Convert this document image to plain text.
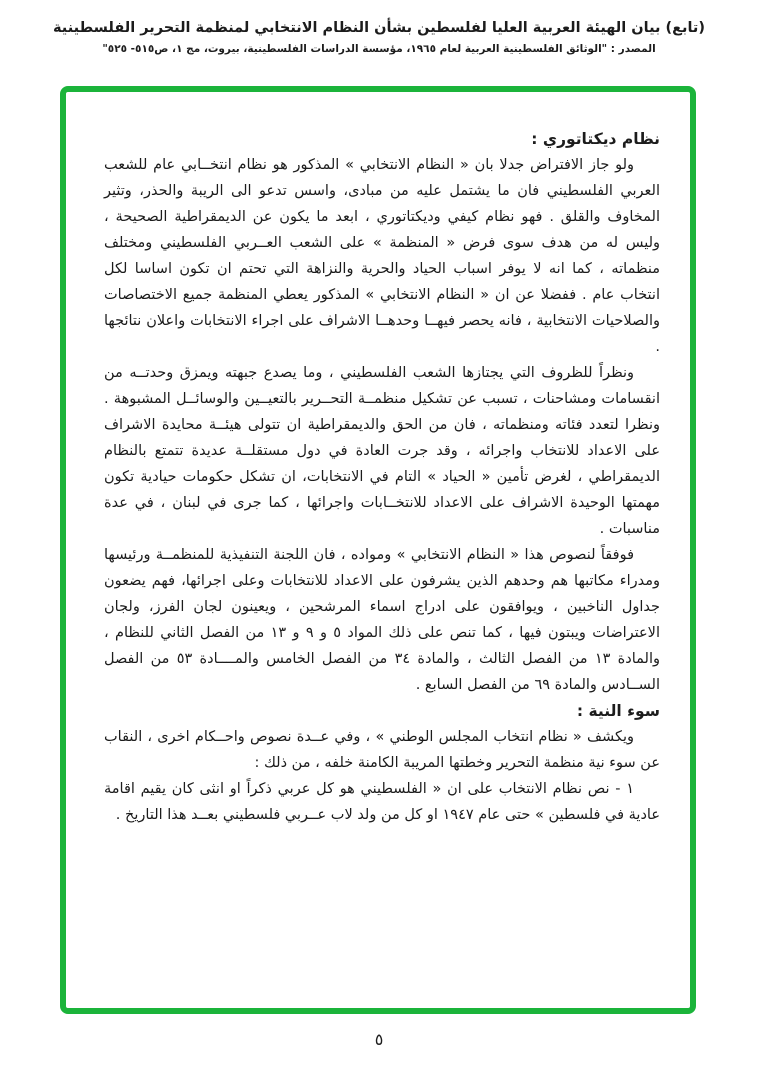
(تابع) بيان الهيئة العربية العليا لفلسطين بشأن النظام الانتخابي لمنظمة التحرير الفلسطينية
المصدر : "الوثائق الفلسطينية العربية لعام ١٩٦٥، مؤسسة الدراسات الفلسطينية، بيروت، مج ١، ص٥١٥- ٥٢٥"
نظام ديكتاتوري :

ولو جاز الافتراض جدلا بان « النظام الانتخابي » المذكور هو نظام انتخــابي عام للشعب العربي الفلسطيني فان ما يشتمل عليه من مبادى، واسس تدعو الى الريبة والحذر، وتثير المخاوف والقلق . فهو نظام كيفي وديكتاتوري ، ابعد ما يكون عن الديمقراطية الصحيحة ، وليس له من هدف سوى فرض « المنظمة » على الشعب العــربي الفلسطيني ومختلف منظماته ، كما انه لا يوفر اسباب الحياد والحرية والنزاهة التي تحتم ان تكون اساسا لكل انتخاب عام . ففضلا عن ان « النظام الانتخابي » المذكور يعطي المنظمة جميع الاختصاصات والصلاحيات الانتخابية ، فانه يحصر فيهــا وحدهــا الاشراف على اجراء الانتخابات واعلان نتائجها .

ونظراً للظروف التي يجتازها الشعب الفلسطيني ، وما يصدع جبهته ويمزق وحدتــه من انقسامات ومشاحنات ، تسبب عن تشكيل منظمــة التحــرير بالتعيــين والوسائــل المشبوهة . ونظرا لتعدد فئاته ومنظماته ، فان من الحق والديمقراطية ان تتولى هيئــة محايدة الاشراف على الاعداد للانتخاب واجرائه ، وقد جرت العادة في دول مستقلــة عديدة تتمتع بالنظام الديمقراطي ، لغرض تأمين « الحياد » التام في الانتخابات، ان تشكل حكومات حيادية تكون مهمتها الوحيدة الاشراف على الاعداد للانتخــابات واجرائها ، كما جرى في لبنان ، في عدة مناسبات .

فوفقاً لنصوص هذا « النظام الانتخابي » ومواده ، فان اللجنة التنفيذية للمنظمــة ورئيسها ومدراء مكاتبها هم وحدهم الذين يشرفون على الاعداد للانتخابات وعلى اجرائها، فهم يضعون جداول الناخبين ، ويوافقون على ادراج اسماء المرشحين ، ويعينون لجان الفرز، ولجان الاعتراضات ويبتون فيها ، كما تنص على ذلك المواد ٥ و ٩ و ١٣ من الفصل الثاني للنظام ، والمادة ١٣ من الفصل الثالث ، والمادة ٣٤ من الفصل الخامس والمــــادة ٥٣ من الفصل الســادس والمادة ٦٩ من الفصل السابع .

سوء النية :

ويكشف « نظام انتخاب المجلس الوطني » ، وفي عــدة نصوص واحــكام اخرى ، النقاب عن سوء نية منظمة التحرير وخطتها المريبة الكامنة خلفه ، من ذلك :

١ - نص نظام الانتخاب على ان « الفلسطيني هو كل عربي ذكراً او انثى كان يقيم اقامة عادية في فلسطين » حتى عام ١٩٤٧ او كل من ولد لاب عــربي فلسطيني بعــد هذا التاريخ .

٥
